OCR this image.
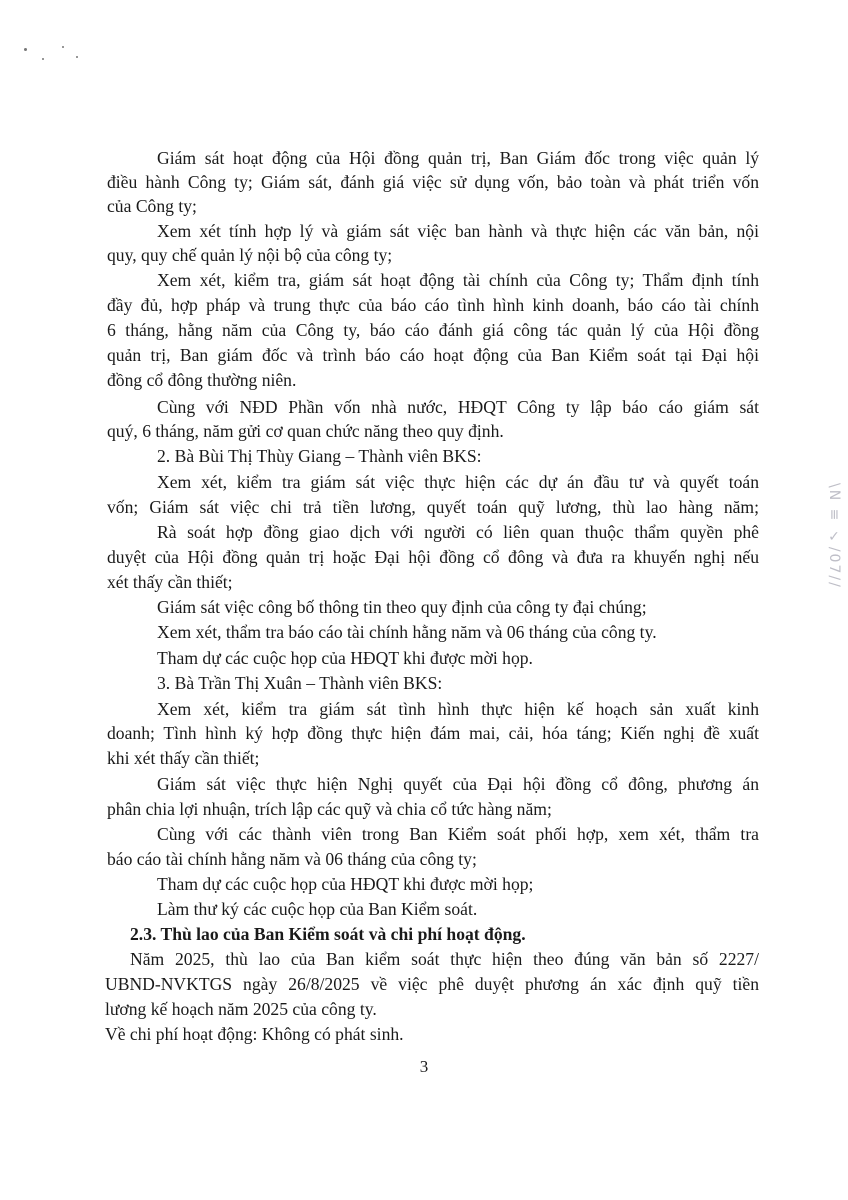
Giám sát hoạt động của Hội đồng quản trị, Ban Giám đốc trong việc quản lý
điều hành Công ty; Giám sát, đánh giá việc sử dụng vốn, bảo toàn và phát triển vốn
của Công ty;
Xem xét tính hợp lý và giám sát việc ban hành và thực hiện các văn bản, nội
quy, quy chế quản lý nội bộ của công ty;
Xem xét, kiểm tra, giám sát hoạt động tài chính của Công ty; Thẩm định tính
đầy đủ, hợp pháp và trung thực của báo cáo tình hình kinh doanh, báo cáo tài chính
6 tháng, hằng năm của Công ty, báo cáo đánh giá công tác quản lý của Hội đồng
quản trị, Ban giám đốc và trình báo cáo hoạt động của Ban Kiểm soát tại Đại hội
đồng cổ đông thường niên.
Cùng với NĐD Phần vốn nhà nước, HĐQT Công ty lập báo cáo giám sát
quý, 6 tháng, năm gửi cơ quan chức năng theo quy định.
2. Bà Bùi Thị Thùy Giang – Thành viên BKS:
Xem xét, kiểm tra giám sát việc thực hiện các dự án đầu tư và quyết toán
vốn; Giám sát việc chi trả tiền lương, quyết toán quỹ lương, thù lao hàng năm;
Rà soát hợp đồng giao dịch với người có liên quan thuộc thẩm quyền phê
duyệt của Hội đồng quản trị hoặc Đại hội đồng cổ đông và đưa ra khuyến nghị nếu
xét thấy cần thiết;
Giám sát việc công bố thông tin theo quy định của công ty đại chúng;
Xem xét, thẩm tra báo cáo tài chính hằng năm và 06 tháng của công ty.
Tham dự các cuộc họp của HĐQT khi được mời họp.
3. Bà Trần Thị Xuân – Thành viên BKS:
Xem xét, kiểm tra giám sát tình hình thực hiện kế hoạch sản xuất kinh
doanh; Tình hình ký hợp đồng thực hiện đám mai, cải, hóa táng; Kiến nghị đề xuất
khi xét thấy cần thiết;
Giám sát việc thực hiện Nghị quyết của Đại hội đồng cổ đông, phương án
phân chia lợi nhuận, trích lập các quỹ và chia cổ tức hàng năm;
Cùng với các thành viên trong Ban Kiểm soát phối hợp, xem xét, thẩm tra
báo cáo tài chính hằng năm và 06 tháng của công ty;
Tham dự các cuộc họp của HĐQT khi được mời họp;
Làm thư ký các cuộc họp của Ban Kiểm soát.
2.3. Thù lao của Ban Kiểm soát và chi phí hoạt động.
Năm 2025, thù lao của Ban kiểm soát thực hiện theo đúng văn bản số 2227/
UBND-NVKTGS ngày 26/8/2025 về việc phê duyệt phương án xác định quỹ tiền
lương kế hoạch năm 2025 của công ty.
Về chi phí hoạt động: Không có phát sinh.
3
\N ≡ ✓/07//
